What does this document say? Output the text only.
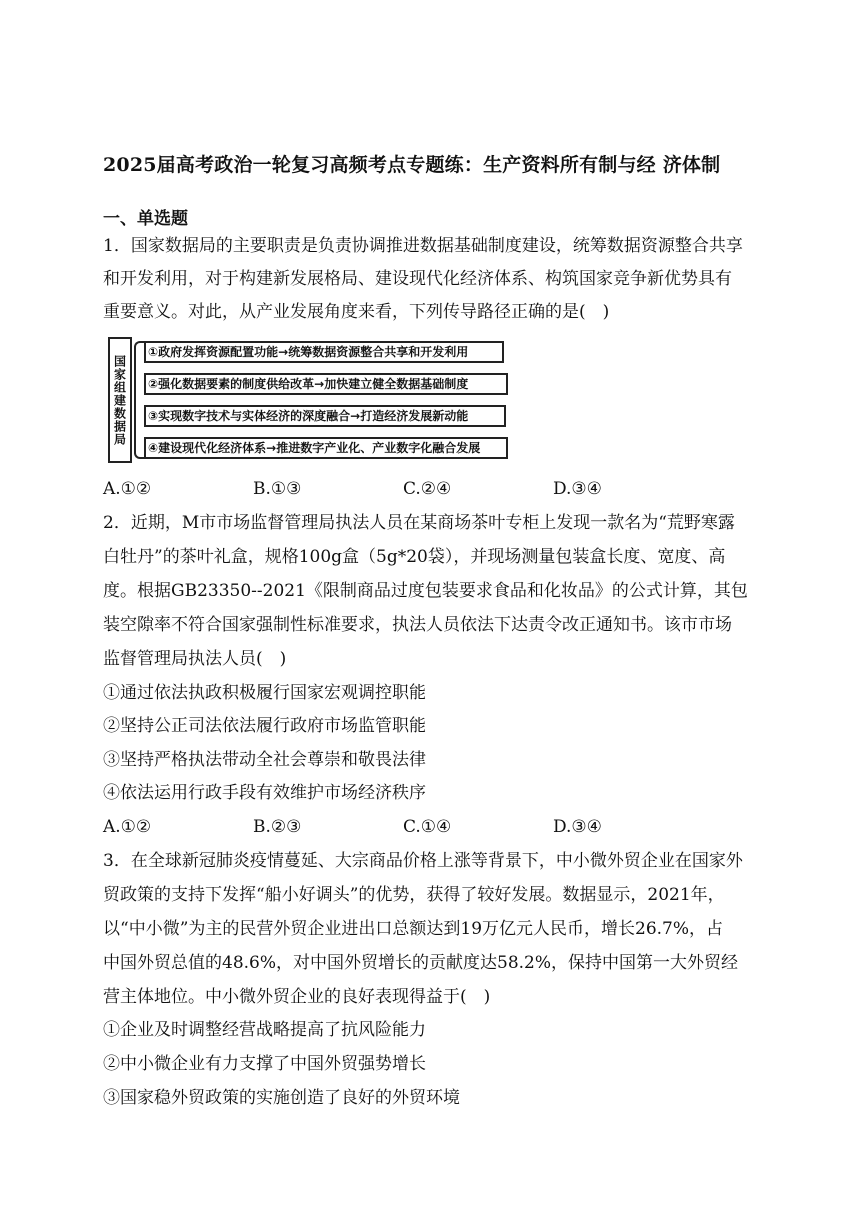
2025届高考政治一轮复习高频考点专题练：生产资料所有制与经 济体制
一、单选题
1．国家数据局的主要职责是负责协调推进数据基础制度建设，统筹数据资源整合共享
和开发利用，对于构建新发展格局、建设现代化经济体系、构筑国家竞争新优势具有
重要意义。对此，从产业发展角度来看，下列传导路径正确的是(　)
国家组建数据局
①政府发挥资源配置功能→统筹数据资源整合共享和开发利用
②强化数据要素的制度供给改革→加快建立健全数据基础制度
③实现数字技术与实体经济的深度融合→打造经济发展新动能
④建设现代化经济体系→推进数字产业化、产业数字化融合发展
A.①②	B.①③	C.②④	D.③④
2．近期，M市市场监督管理局执法人员在某商场茶叶专柜上发现一款名为“荒野寒露
白牡丹”的茶叶礼盒，规格100g盒（5g*20袋），并现场测量包装盒长度、宽度、高
度。根据GB23350--2021《限制商品过度包装要求食品和化妆品》的公式计算，其包
装空隙率不符合国家强制性标准要求，执法人员依法下达责令改正通知书。该市市场
监督管理局执法人员(　)
①通过依法执政积极履行国家宏观调控职能
②坚持公正司法依法履行政府市场监管职能
③坚持严格执法带动全社会尊崇和敬畏法律
④依法运用行政手段有效维护市场经济秩序
A.①②	B.②③	C.①④	D.③④
3．在全球新冠肺炎疫情蔓延、大宗商品价格上涨等背景下，中小微外贸企业在国家外
贸政策的支持下发挥“船小好调头”的优势，获得了较好发展。数据显示，2021年，
以“中小微”为主的民营外贸企业进出口总额达到19万亿元人民币，增长26.7%，占
中国外贸总值的48.6%，对中国外贸增长的贡献度达58.2%，保持中国第一大外贸经
营主体地位。中小微外贸企业的良好表现得益于(　)
①企业及时调整经营战略提高了抗风险能力
②中小微企业有力支撑了中国外贸强势增长
③国家稳外贸政策的实施创造了良好的外贸环境
